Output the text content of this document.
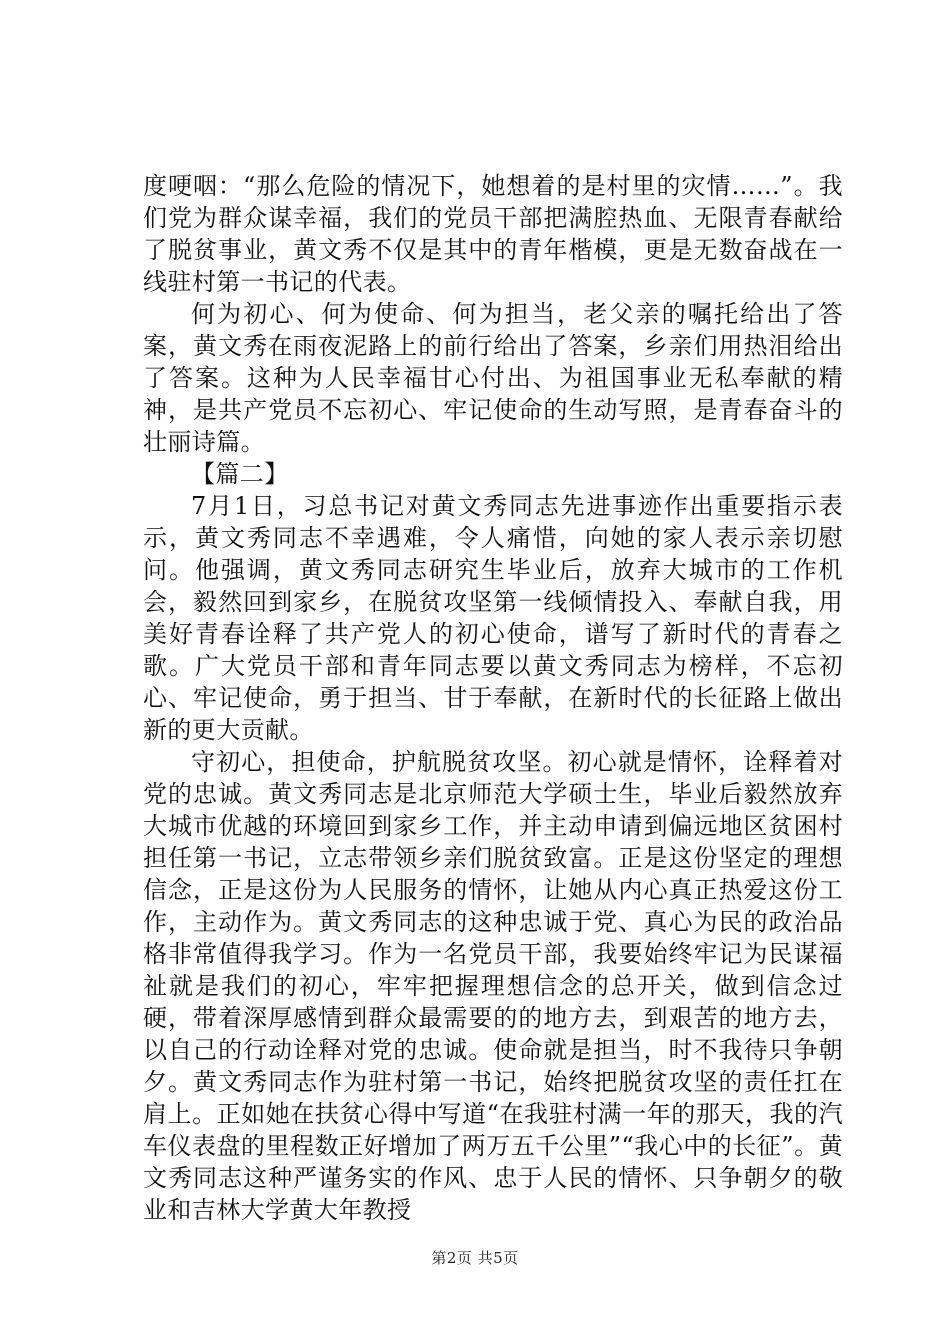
度哽咽：“那么危险的情况下，她想着的是村里的灾情……”。我们党为群众谋幸福，我们的党员干部把满腔热血、无限青春献给了脱贫事业，黄文秀不仅是其中的青年楷模，更是无数奋战在一线驻村第一书记的代表。

何为初心、何为使命、何为担当，老父亲的嘱托给出了答案，黄文秀在雨夜泥路上的前行给出了答案，乡亲们用热泪给出了答案。这种为人民幸福甘心付出、为祖国事业无私奉献的精神，是共产党员不忘初心、牢记使命的生动写照，是青春奋斗的壮丽诗篇。

【篇二】

7月1日，习总书记对黄文秀同志先进事迹作出重要指示表示，黄文秀同志不幸遇难，令人痛惜，向她的家人表示亲切慰问。他强调，黄文秀同志研究生毕业后，放弃大城市的工作机会，毅然回到家乡，在脱贫攻坚第一线倾情投入、奉献自我，用美好青春诠释了共产党人的初心使命，谱写了新时代的青春之歌。广大党员干部和青年同志要以黄文秀同志为榜样，不忘初心、牢记使命，勇于担当、甘于奉献，在新时代的长征路上做出新的更大贡献。

守初心，担使命，护航脱贫攻坚。初心就是情怀，诠释着对党的忠诚。黄文秀同志是北京师范大学硕士生，毕业后毅然放弃大城市优越的环境回到家乡工作，并主动申请到偏远地区贫困村担任第一书记，立志带领乡亲们脱贫致富。正是这份坚定的理想信念，正是这份为人民服务的情怀，让她从内心真正热爱这份工作，主动作为。黄文秀同志的这种忠诚于党、真心为民的政治品格非常值得我学习。作为一名党员干部，我要始终牢记为民谋福祉就是我们的初心，牢牢把握理想信念的总开关，做到信念过硬，带着深厚感情到群众最需要的的地方去，到艰苦的地方去，以自己的行动诠释对党的忠诚。使命就是担当，时不我待只争朝夕。黄文秀同志作为驻村第一书记，始终把脱贫攻坚的责任扛在肩上。正如她在扶贫心得中写道“在我驻村满一年的那天，我的汽车仪表盘的里程数正好增加了两万五千公里”“我心中的长征”。黄文秀同志这种严谨务实的作风、忠于人民的情怀、只争朝夕的敬业和吉林大学黄大年教授

第2页 共5页
